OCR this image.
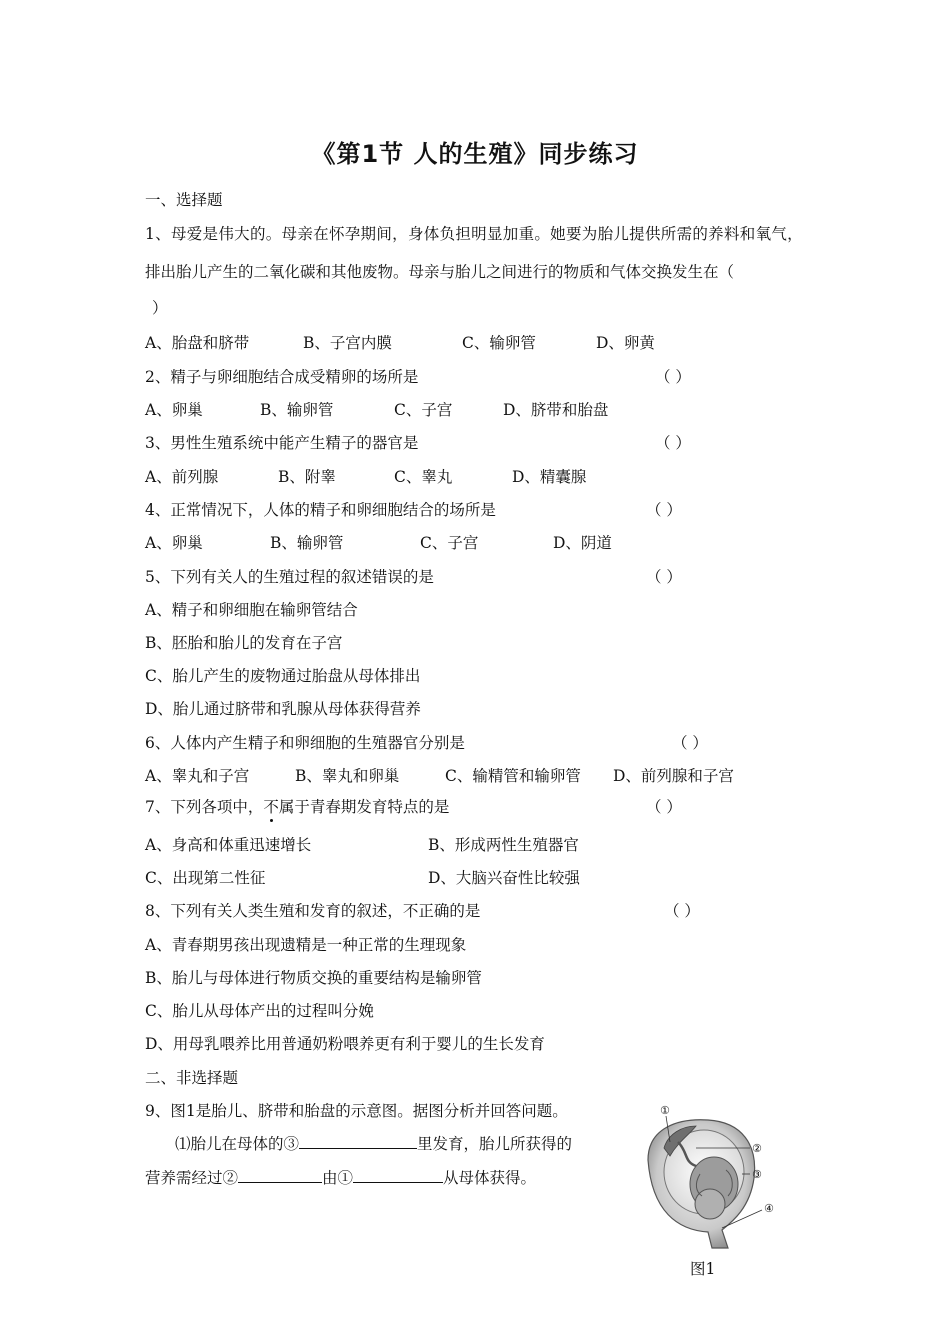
《第1节 人的生殖》同步练习
一、选择题
1、母爱是伟大的。母亲在怀孕期间，身体负担明显加重。她要为胎儿提供所需的养料和氧气，
排出胎儿产生的二氧化碳和其他废物。母亲与胎儿之间进行的物质和气体交换发生在（
）
A、胎盘和脐带	B、子宫内膜	C、输卵管	D、卵黄
2、精子与卵细胞结合成受精卵的场所是	（ ）
A、卵巢	B、输卵管	C、子宫	D、脐带和胎盘
3、男性生殖系统中能产生精子的器官是	（ ）
A、前列腺	B、附睾	C、睾丸	D、精囊腺
4、正常情况下，人体的精子和卵细胞结合的场所是	（ ）
A、卵巢	B、输卵管	C、子宫	D、阴道
5、下列有关人的生殖过程的叙述错误的是	（ ）
A、精子和卵细胞在输卵管结合
B、胚胎和胎儿的发育在子宫
C、胎儿产生的废物通过胎盘从母体排出
D、胎儿通过脐带和乳腺从母体获得营养
6、人体内产生精子和卵细胞的生殖器官分别是	（ ）
A、睾丸和子宫	B、睾丸和卵巢	C、输精管和输卵管 D、前列腺和子宫
7、下列各项中，不属于青春期发育特点的是	（ ）
A、身高和体重迅速增长	B、形成两性生殖器官
C、出现第二性征	D、大脑兴奋性比较强
8、下列有关人类生殖和发育的叙述，不正确的是	（ ）
A、青春期男孩出现遗精是一种正常的生理现象
B、胎儿与母体进行物质交换的重要结构是输卵管
C、胎儿从母体产出的过程叫分娩
D、用母乳喂养比用普通奶粉喂养更有利于婴儿的生长发育
二、非选择题
9、图1是胎儿、脐带和胎盘的示意图。据图分析并回答问题。
⑴胎儿在母体的③	里发育，胎儿所获得的
营养需经过②	由①	从母体获得。
①
②
③
④
图1
